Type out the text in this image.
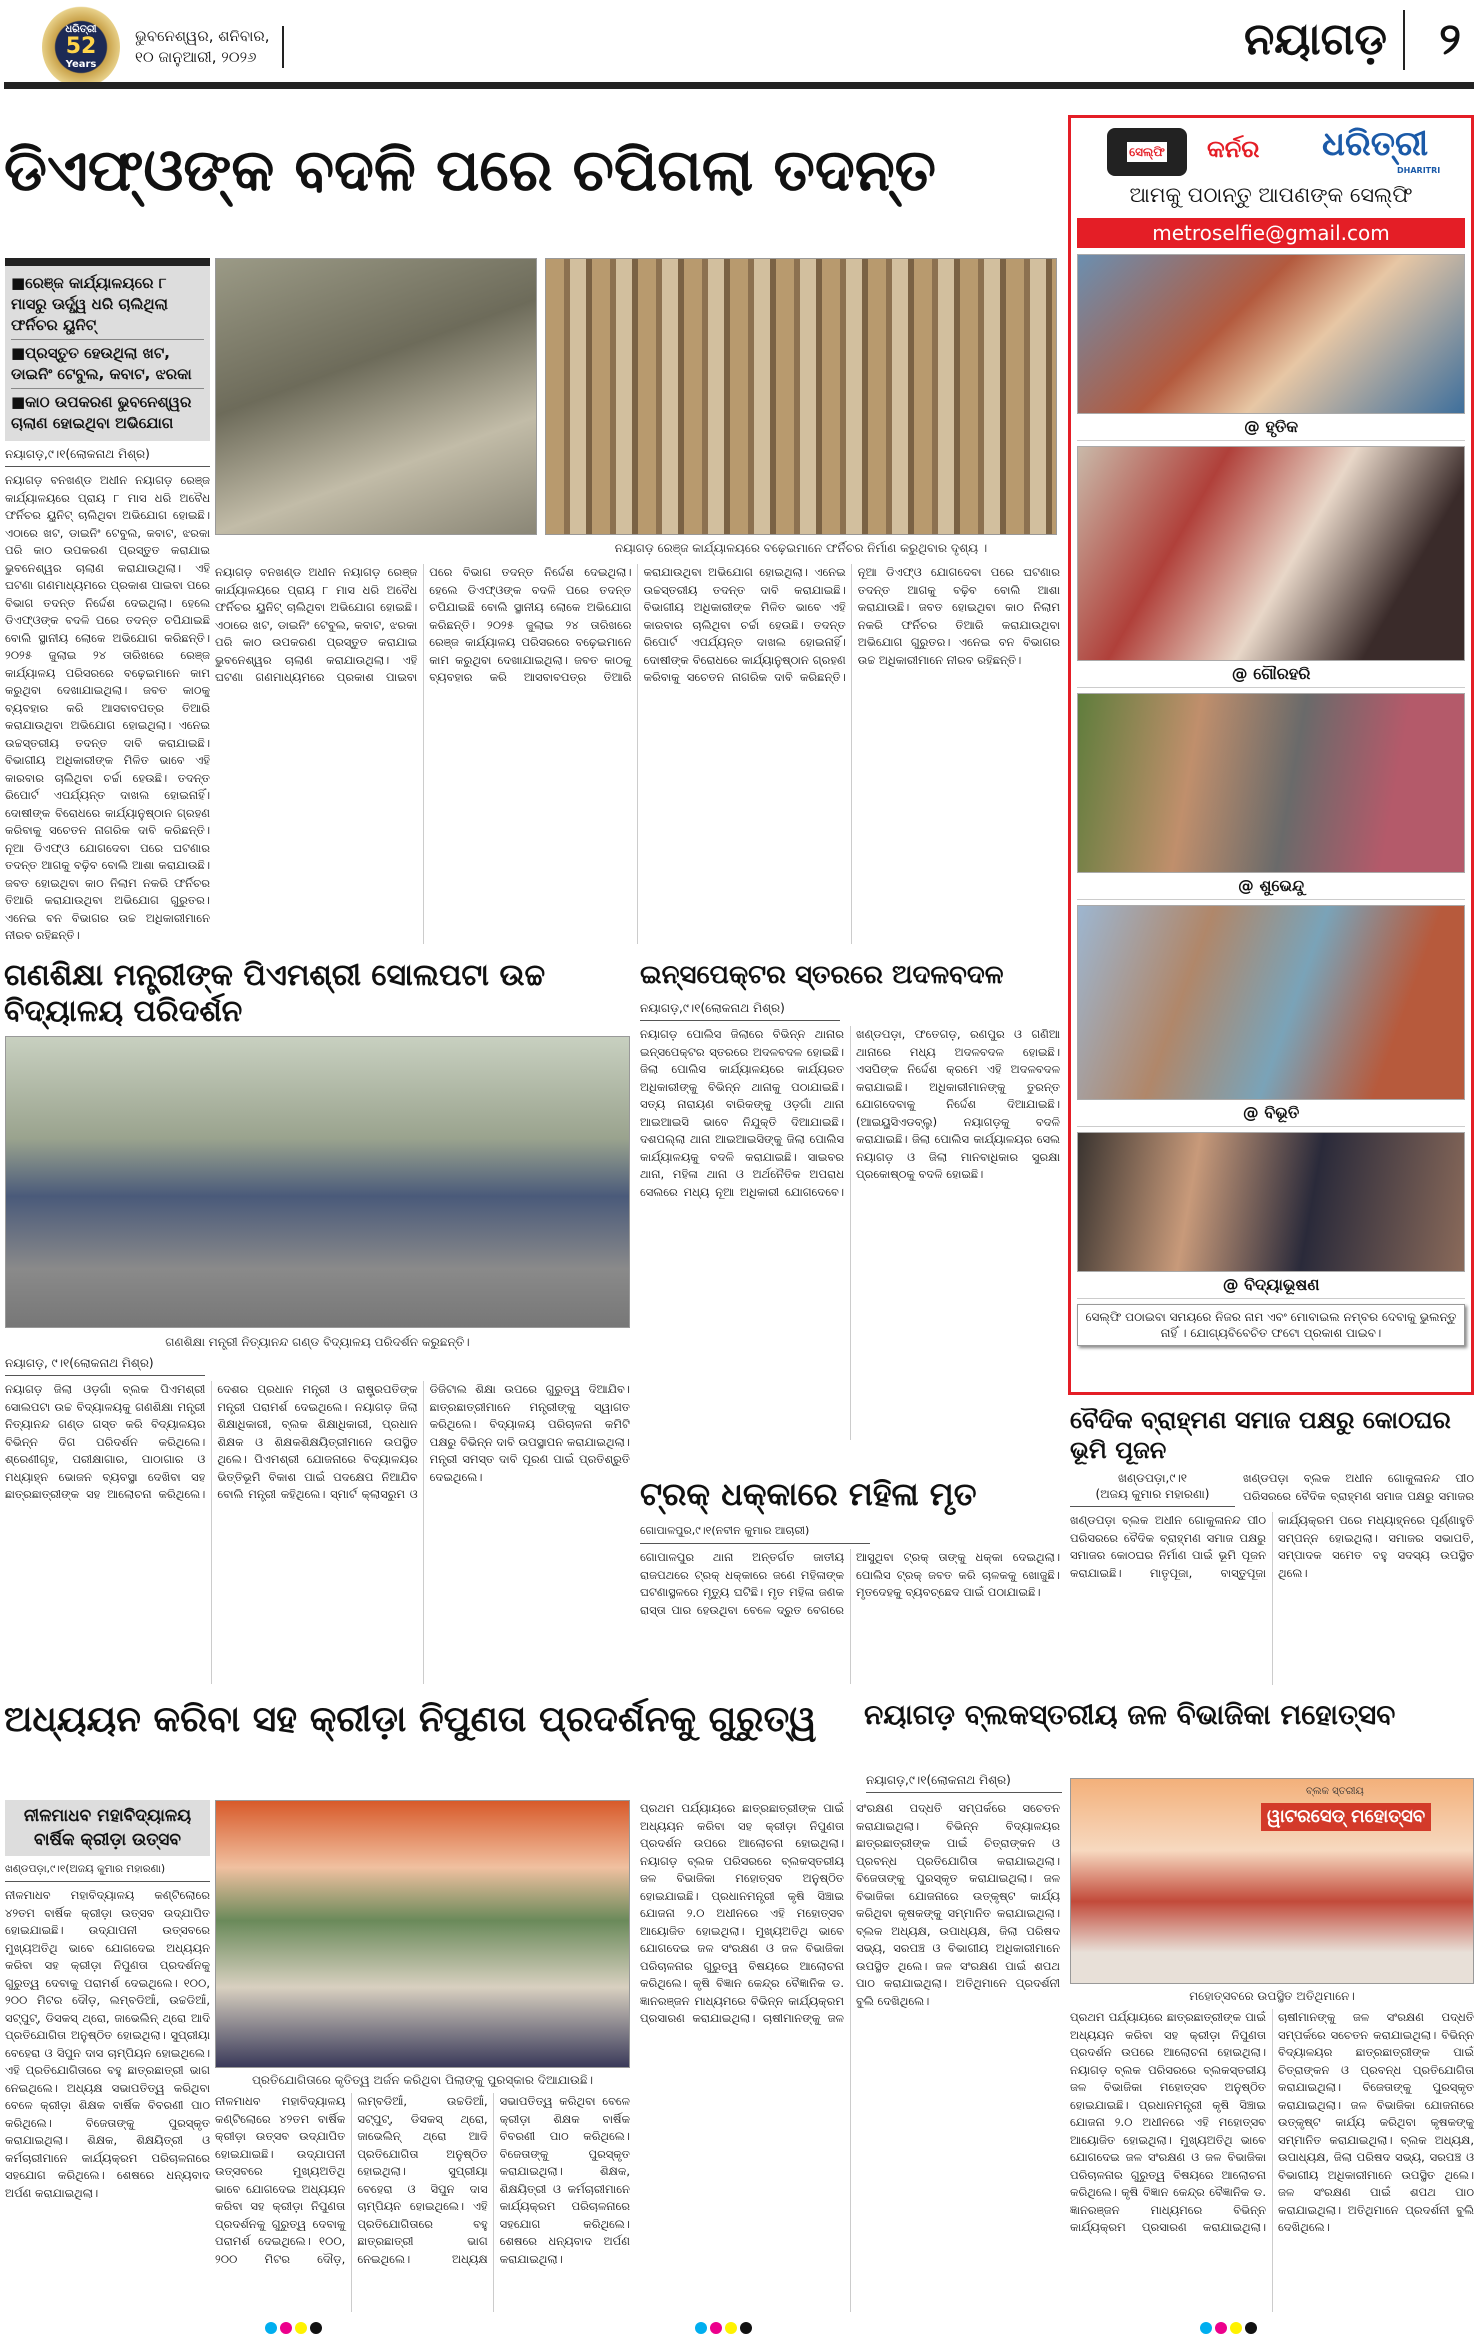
ଧରିତ୍ରୀ
52
Years
ଭୁବନେଶ୍ୱର, ଶନିବାର,
୧୦ ଜାନୁଆରୀ, ୨୦୨୬	ନୟାଗଡ଼	୨
ଡିଏଫ୍‌ଓଙ୍କ ବଦଳି ପରେ ଚପିଗଲା ତଦନ୍ତ
■ରେଞ୍ଜ କାର୍ଯ୍ୟାଳୟରେ ୮ ମାସରୁ ଊର୍ଦ୍ଧ୍ୱ ଧରି ଚାଲିଥିଲା ଫର୍ନିଚର ୟୁନିଟ୍
■ପ୍ରସ୍ତୁତ ହେଉଥିଲା ଖଟ, ଡାଇନିଂ ଟେବୁଲ, କବାଟ, ଝରକା
■କାଠ ଉପକରଣ ଭୁବନେଶ୍ୱର ଚାଲାଣ ହୋଇଥିବା ଅଭିଯୋଗ
ନୟାଗଡ଼,୯।୧(ଲୋକନାଥ ମିଶ୍ର)
ନୟାଗଡ଼ ବନଖଣ୍ଡ ଅଧୀନ ନୟାଗଡ଼ ରେଞ୍ଜ କାର୍ଯ୍ୟାଳୟରେ ପ୍ରାୟ ୮ ମାସ ଧରି ଅବୈଧ ଫର୍ନିଚର ୟୁନିଟ୍ ଚାଲିଥିବା ଅଭିଯୋଗ ହୋଇଛି। ଏଠାରେ ଖଟ, ଡାଇନିଂ ଟେବୁଲ, କବାଟ, ଝରକା ପରି କାଠ ଉପକରଣ ପ୍ରସ୍ତୁତ କରାଯାଇ ଭୁବନେଶ୍ୱର ଚାଲାଣ କରାଯାଉଥିଲା। ଏହି ଘଟଣା ଗଣମାଧ୍ୟମରେ ପ୍ରକାଶ ପାଇବା ପରେ ବିଭାଗ ତଦନ୍ତ ନିର୍ଦ୍ଦେଶ ଦେଇଥିଲା। ହେଲେ ଡିଏଫ୍‌ଓଙ୍କ ବଦଳି ପରେ ତଦନ୍ତ ଚପିଯାଇଛି ବୋଲି ସ୍ଥାନୀୟ ଲୋକେ ଅଭିଯୋଗ କରିଛନ୍ତି। ୨୦୨୫ ଜୁଲାଇ ୨୪ ତାରିଖରେ ରେଞ୍ଜ କାର୍ଯ୍ୟାଳୟ ପରିସରରେ ବଢ଼େଇମାନେ କାମ କରୁଥିବା ଦେଖାଯାଇଥିଲା। ଜବତ କାଠକୁ ବ୍ୟବହାର କରି ଆସବାବପତ୍ର ତିଆରି କରାଯାଉଥିବା ଅଭିଯୋଗ ହୋଇଥିଲା। ଏନେଇ ଉଚ୍ଚସ୍ତରୀୟ ତଦନ୍ତ ଦାବି କରାଯାଇଛି। ବିଭାଗୀୟ ଅଧିକାରୀଙ୍କ ମିଳିତ ଭାବେ ଏହି କାରବାର ଚାଲିଥିବା ଚର୍ଚ୍ଚା ହେଉଛି। ତଦନ୍ତ ରିପୋର୍ଟ ଏପର୍ଯ୍ୟନ୍ତ ଦାଖଲ ହୋଇନାହିଁ। ଦୋଷୀଙ୍କ ବିରୋଧରେ କାର୍ଯ୍ୟାନୁଷ୍ଠାନ ଗ୍ରହଣ କରିବାକୁ ସଚେତନ ନାଗରିକ ଦାବି କରିଛନ୍ତି। ନୂଆ ଡିଏଫ୍‌ଓ ଯୋଗଦେବା ପରେ ଘଟଣାର ତଦନ୍ତ ଆଗକୁ ବଢ଼ିବ ବୋଲି ଆଶା କରାଯାଉଛି। ଜବତ ହୋଇଥିବା କାଠ ନିଲାମ ନକରି ଫର୍ନିଚର ତିଆରି କରାଯାଉଥିବା ଅଭିଯୋଗ ଗୁରୁତର। ଏନେଇ ବନ ବିଭାଗର ଉଚ୍ଚ ଅଧିକାରୀମାନେ ନୀରବ ରହିଛନ୍ତି।
ନୟାଗଡ଼ ରେଞ୍ଜ କାର୍ଯ୍ୟାଳୟରେ ବଢ଼େଇମାନେ ଫର୍ନିଚର ନିର୍ମାଣ କରୁଥିବାର ଦୃଶ୍ୟ ।
ନୟାଗଡ଼ ବନଖଣ୍ଡ ଅଧୀନ ନୟାଗଡ଼ ରେଞ୍ଜ କାର୍ଯ୍ୟାଳୟରେ ପ୍ରାୟ ୮ ମାସ ଧରି ଅବୈଧ ଫର୍ନିଚର ୟୁନିଟ୍ ଚାଲିଥିବା ଅଭିଯୋଗ ହୋଇଛି। ଏଠାରେ ଖଟ, ଡାଇନିଂ ଟେବୁଲ, କବାଟ, ଝରକା ପରି କାଠ ଉପକରଣ ପ୍ରସ୍ତୁତ କରାଯାଇ ଭୁବନେଶ୍ୱର ଚାଲାଣ କରାଯାଉଥିଲା। ଏହି ଘଟଣା ଗଣମାଧ୍ୟମରେ ପ୍ରକାଶ ପାଇବା ପରେ ବିଭାଗ ତଦନ୍ତ ନିର୍ଦ୍ଦେଶ ଦେଇଥିଲା। ହେଲେ ଡିଏଫ୍‌ଓଙ୍କ ବଦଳି ପରେ ତଦନ୍ତ ଚପିଯାଇଛି ବୋଲି ସ୍ଥାନୀୟ ଲୋକେ ଅଭିଯୋଗ କରିଛନ୍ତି। ୨୦୨୫ ଜୁଲାଇ ୨୪ ତାରିଖରେ ରେଞ୍ଜ କାର୍ଯ୍ୟାଳୟ ପରିସରରେ ବଢ଼େଇମାନେ କାମ କରୁଥିବା ଦେଖାଯାଇଥିଲା। ଜବତ କାଠକୁ ବ୍ୟବହାର କରି ଆସବାବପତ୍ର ତିଆରି କରାଯାଉଥିବା ଅଭିଯୋଗ ହୋଇଥିଲା। ଏନେଇ ଉଚ୍ଚସ୍ତରୀୟ ତଦନ୍ତ ଦାବି କରାଯାଇଛି। ବିଭାଗୀୟ ଅଧିକାରୀଙ୍କ ମିଳିତ ଭାବେ ଏହି କାରବାର ଚାଲିଥିବା ଚର୍ଚ୍ଚା ହେଉଛି। ତଦନ୍ତ ରିପୋର୍ଟ ଏପର୍ଯ୍ୟନ୍ତ ଦାଖଲ ହୋଇନାହିଁ। ଦୋଷୀଙ୍କ ବିରୋଧରେ କାର୍ଯ୍ୟାନୁଷ୍ଠାନ ଗ୍ରହଣ କରିବାକୁ ସଚେତନ ନାଗରିକ ଦାବି କରିଛନ୍ତି। ନୂଆ ଡିଏଫ୍‌ଓ ଯୋଗଦେବା ପରେ ଘଟଣାର ତଦନ୍ତ ଆଗକୁ ବଢ଼ିବ ବୋଲି ଆଶା କରାଯାଉଛି। ଜବତ ହୋଇଥିବା କାଠ ନିଲାମ ନକରି ଫର୍ନିଚର ତିଆରି କରାଯାଉଥିବା ଅଭିଯୋଗ ଗୁରୁତର। ଏନେଇ ବନ ବିଭାଗର ଉଚ୍ଚ ଅଧିକାରୀମାନେ ନୀରବ ରହିଛନ୍ତି।
ସେଲ୍‌ଫି କର୍ନର ଧରିତ୍ରୀ
DHARITRI
ଆମକୁ ପଠାନ୍ତୁ ଆପଣଙ୍କ ସେଲ୍‌ଫି
metroselfie@gmail.com
@ ହୃତିକ
@ ଗୌରହରି
@ ଶୁଭେନ୍ଦୁ
@ ବିଭୂତି
@ ବିଦ୍ୟାଭୂଷଣ
ସେଲ୍‌ଫି ପଠାଇବା ସମୟରେ ନିଜର ନାମ ଏବଂ ମୋବାଇଲ ନମ୍ବର ଦେବାକୁ ଭୁଲନ୍ତୁ ନାହିଁ । ଯୋଗ୍ୟବିବେଚିତ ଫଟୋ ପ୍ରକାଶ ପାଇବ।
ଗଣଶିକ୍ଷା ମନ୍ତ୍ରୀଙ୍କ ପିଏମଶ୍ରୀ ସୋଲପଟା ଉଚ୍ଚ ବିଦ୍ୟାଳୟ ପରିଦର୍ଶନ
ଗଣଶିକ୍ଷା ମନ୍ତ୍ରୀ ନିତ୍ୟାନନ୍ଦ ଗଣ୍ଡ ବିଦ୍ୟାଳୟ ପରିଦର୍ଶନ କରୁଛନ୍ତି।
ନୟାଗଡ଼, ୯।୧(ଲୋକନାଥ ମିଶ୍ର)
ନୟାଗଡ଼ ଜିଲା ଓଡ଼ଗାଁ ବ୍ଲକ ପିଏମଶ୍ରୀ ସୋଲପଟା ଉଚ୍ଚ ବିଦ୍ୟାଳୟକୁ ଗଣଶିକ୍ଷା ମନ୍ତ୍ରୀ ନିତ୍ୟାନନ୍ଦ ଗଣ୍ଡ ଗସ୍ତ କରି ବିଦ୍ୟାଳୟର ବିଭିନ୍ନ ଦିଗ ପରିଦର୍ଶନ କରିଥିଲେ। ଶ୍ରେଣୀଗୃହ, ପରୀକ୍ଷାଗାର, ପାଠାଗାର ଓ ମଧ୍ୟାହ୍ନ ଭୋଜନ ବ୍ୟବସ୍ଥା ଦେଖିବା ସହ ଛାତ୍ରଛାତ୍ରୀଙ୍କ ସହ ଆଲୋଚନା କରିଥିଲେ। ଦେଶର ପ୍ରଧାନ ମନ୍ତ୍ରୀ ଓ ରାଷ୍ଟ୍ରପତିଙ୍କ ମନ୍ତ୍ରୀ ପରାମର୍ଶ ଦେଇଥିଲେ। ନୟାଗଡ଼ ଜିଲା ଶିକ୍ଷାଧିକାରୀ, ବ୍ଲକ ଶିକ୍ଷାଧିକାରୀ, ପ୍ରଧାନ ଶିକ୍ଷକ ଓ ଶିକ୍ଷକଶିକ୍ଷୟିତ୍ରୀମାନେ ଉପସ୍ଥିତ ଥିଲେ। ପିଏମଶ୍ରୀ ଯୋଜନାରେ ବିଦ୍ୟାଳୟର ଭିତ୍ତିଭୂମି ବିକାଶ ପାଇଁ ପଦକ୍ଷେପ ନିଆଯିବ ବୋଲି ମନ୍ତ୍ରୀ କହିଥିଲେ। ସ୍ମାର୍ଟ କ୍ଲାସରୁମ ଓ ଡିଜିଟାଲ ଶିକ୍ଷା ଉପରେ ଗୁରୁତ୍ୱ ଦିଆଯିବ। ଛାତ୍ରଛାତ୍ରୀମାନେ ମନ୍ତ୍ରୀଙ୍କୁ ସ୍ୱାଗତ କରିଥିଲେ। ବିଦ୍ୟାଳୟ ପରିଚାଳନା କମିଟି ପକ୍ଷରୁ ବିଭିନ୍ନ ଦାବି ଉପସ୍ଥାପନ କରାଯାଇଥିଲା। ମନ୍ତ୍ରୀ ସମସ୍ତ ଦାବି ପୂରଣ ପାଇଁ ପ୍ରତିଶ୍ରୁତି ଦେଇଥିଲେ।
ଇନ୍ସପେକ୍ଟର ସ୍ତରରେ ଅଦଳବଦଳ
ନୟାଗଡ଼,୯।୧(ଲୋକନାଥ ମିଶ୍ର)
ନୟାଗଡ଼ ପୋଲିସ ଜିଲାରେ ବିଭିନ୍ନ ଥାନାର ଇନ୍ସପେକ୍ଟର ସ୍ତରରେ ଅଦଳବଦଳ ହୋଇଛି। ଜିଲା ପୋଲିସ କାର୍ଯ୍ୟାଳୟରେ କାର୍ଯ୍ୟରତ ଅଧିକାରୀଙ୍କୁ ବିଭିନ୍ନ ଥାନାକୁ ପଠାଯାଇଛି। ସତ୍ୟ ନାରାୟଣ ବାରିକଙ୍କୁ ଓଡ଼ଗାଁ ଥାନା ଆଇଆଇସି ଭାବେ ନିଯୁକ୍ତି ଦିଆଯାଇଛି। ଦଶପଲ୍ଲା ଥାନା ଆଇଆଇସିଙ୍କୁ ଜିଲା ପୋଲିସ କାର୍ଯ୍ୟାଳୟକୁ ବଦଳି କରାଯାଇଛି। ସାଇବର ଥାନା, ମହିଳା ଥାନା ଓ ଅର୍ଥନୈତିକ ଅପରାଧ ସେଲରେ ମଧ୍ୟ ନୂଆ ଅଧିକାରୀ ଯୋଗଦେବେ। ଖଣ୍ଡପଡ଼ା, ଫତେଗଡ଼, ରଣପୁର ଓ ଗଣିଆ ଥାନାରେ ମଧ୍ୟ ଅଦଳବଦଳ ହୋଇଛି। ଏସପିଙ୍କ ନିର୍ଦ୍ଦେଶ କ୍ରମେ ଏହି ଅଦଳବଦଳ କରାଯାଇଛି। ଅଧିକାରୀମାନଙ୍କୁ ତୁରନ୍ତ ଯୋଗଦେବାକୁ ନିର୍ଦ୍ଦେଶ ଦିଆଯାଇଛି। (ଆଇୟୁସିଏଡବ୍ଲୁ) ନୟାଗଡ଼କୁ ବଦଳି କରାଯାଇଛି। ଜିଲା ପୋଲିସ କାର୍ଯ୍ୟାଳୟର ସେଲ ନୟାଗଡ଼ ଓ ଜିଲା ମାନବାଧିକାର ସୁରକ୍ଷା ପ୍ରକୋଷ୍ଠକୁ ବଦଳି ହୋଇଛି।
ଟ୍ରକ୍ ଧକ୍କାରେ ମହିଳା ମୃତ
ଗୋପାଳପୁର,୯।୧(ନବୀନ କୁମାର ଆଚାରୀ)
ଗୋପାଳପୁର ଥାନା ଅନ୍ତର୍ଗତ ଜାତୀୟ ରାଜପଥରେ ଟ୍ରକ୍ ଧକ୍କାରେ ଜଣେ ମହିଳାଙ୍କ ଘଟଣାସ୍ଥଳରେ ମୃତ୍ୟୁ ଘଟିଛି। ମୃତ ମହିଳା ଜଣକ ରାସ୍ତା ପାର ହେଉଥିବା ବେଳେ ଦ୍ରୁତ ବେଗରେ ଆସୁଥିବା ଟ୍ରକ୍ ତାଙ୍କୁ ଧକ୍କା ଦେଇଥିଲା। ପୋଲିସ ଟ୍ରକ୍ ଜବତ କରି ଚାଳକକୁ ଖୋଜୁଛି। ମୃତଦେହକୁ ବ୍ୟବଚ୍ଛେଦ ପାଇଁ ପଠାଯାଇଛି।
ବୈଦିକ ବ୍ରାହ୍ମଣ ସମାଜ ପକ୍ଷରୁ କୋଠଘର ଭୂମି ପୂଜନ
ଖଣ୍ଡପଡ଼ା,୯।୧
(ଅଜୟ କୁମାର ମହାରଣା)
ଖଣ୍ଡପଡ଼ା ବ୍ଲକ ଅଧୀନ ଗୋକୁଳାନନ୍ଦ ପୀଠ ପରିସରରେ ବୈଦିକ ବ୍ରାହ୍ମଣ ସମାଜ ପକ୍ଷରୁ ସମାଜର
ଖଣ୍ଡପଡ଼ା ବ୍ଲକ ଅଧୀନ ଗୋକୁଳାନନ୍ଦ ପୀଠ ପରିସରରେ ବୈଦିକ ବ୍ରାହ୍ମଣ ସମାଜ ପକ୍ଷରୁ ସମାଜର କୋଠଘର ନିର୍ମାଣ ପାଇଁ ଭୂମି ପୂଜନ କରାଯାଇଛି। ମାତୃପୂଜା, ବାସ୍ତୁପୂଜା କାର୍ଯ୍ୟକ୍ରମ ପରେ ମଧ୍ୟାହ୍ନରେ ପୂର୍ଣ୍ଣାହୁତି ସମ୍ପନ୍ନ ହୋଇଥିଲା। ସମାଜର ସଭାପତି, ସମ୍ପାଦକ ସମେତ ବହୁ ସଦସ୍ୟ ଉପସ୍ଥିତ ଥିଲେ।
ଅଧ୍ୟୟନ କରିବା ସହ କ୍ରୀଡ଼ା ନିପୁଣତା ପ୍ରଦର୍ଶନକୁ ଗୁରୁତ୍ୱ
ନୀଳମାଧବ ମହାବିଦ୍ୟାଳୟ ବାର୍ଷିକ କ୍ରୀଡ଼ା ଉତ୍ସବ
ଖଣ୍ଡପଡ଼ା,୯।୧(ଅଜୟ କୁମାର ମହାରଣା)
ନୀଳମାଧବ ମହାବିଦ୍ୟାଳୟ କଣ୍ଟିଲୋରେ ୪୨ତମ ବାର୍ଷିକ କ୍ରୀଡ଼ା ଉତ୍ସବ ଉଦ୍‌ଯାପିତ ହୋଇଯାଇଛି। ଉଦ୍‌ଯାପନୀ ଉତ୍ସବରେ ମୁଖ୍ୟଅତିଥି ଭାବେ ଯୋଗଦେଇ ଅଧ୍ୟୟନ କରିବା ସହ କ୍ରୀଡ଼ା ନିପୁଣତା ପ୍ରଦର୍ଶନକୁ ଗୁରୁତ୍ୱ ଦେବାକୁ ପରାମର୍ଶ ଦେଇଥିଲେ। ୧୦୦, ୨୦୦ ମିଟର ଦୌଡ଼, ଲମ୍ବଡିଆଁ, ଉଚ୍ଚଡିଆଁ, ସଟ୍‌ପୁଟ୍, ଡିସକସ୍ ଥ୍ରୋ, ଜାଭେଲିନ୍ ଥ୍ରୋ ଆଦି ପ୍ରତିଯୋଗିତା ଅନୁଷ୍ଠିତ ହୋଇଥିଲା। ସୁପ୍ରୀୟା ବେହେରା ଓ ସିପୁନ ଦାସ ଚାମ୍ପିୟନ ହୋଇଥିଲେ। ଏହି ପ୍ରତିଯୋଗିତାରେ ବହୁ ଛାତ୍ରଛାତ୍ରୀ ଭାଗ ନେଇଥିଲେ। ଅଧ୍ୟକ୍ଷ ସଭାପତିତ୍ୱ କରିଥିବା ବେଳେ କ୍ରୀଡ଼ା ଶିକ୍ଷକ ବାର୍ଷିକ ବିବରଣୀ ପାଠ କରିଥିଲେ। ବିଜେତାଙ୍କୁ ପୁରସ୍କୃତ କରାଯାଇଥିଲା। ଶିକ୍ଷକ, ଶିକ୍ଷୟିତ୍ରୀ ଓ କର୍ମଚାରୀମାନେ କାର୍ଯ୍ୟକ୍ରମ ପରିଚାଳନାରେ ସହଯୋଗ କରିଥିଲେ। ଶେଷରେ ଧନ୍ୟବାଦ ଅର୍ପଣ କରାଯାଇଥିଲା।
ପ୍ରତିଯୋଗିତାରେ କୃତିତ୍ୱ ଅର୍ଜନ କରିଥିବା ପିଲାଙ୍କୁ ପୁରସ୍କାର ଦିଆଯାଉଛି।
ନୀଳମାଧବ ମହାବିଦ୍ୟାଳୟ କଣ୍ଟିଲୋରେ ୪୨ତମ ବାର୍ଷିକ କ୍ରୀଡ଼ା ଉତ୍ସବ ଉଦ୍‌ଯାପିତ ହୋଇଯାଇଛି। ଉଦ୍‌ଯାପନୀ ଉତ୍ସବରେ ମୁଖ୍ୟଅତିଥି ଭାବେ ଯୋଗଦେଇ ଅଧ୍ୟୟନ କରିବା ସହ କ୍ରୀଡ଼ା ନିପୁଣତା ପ୍ରଦର୍ଶନକୁ ଗୁରୁତ୍ୱ ଦେବାକୁ ପରାମର୍ଶ ଦେଇଥିଲେ। ୧୦୦, ୨୦୦ ମିଟର ଦୌଡ଼, ଲମ୍ବଡିଆଁ, ଉଚ୍ଚଡିଆଁ, ସଟ୍‌ପୁଟ୍, ଡିସକସ୍ ଥ୍ରୋ, ଜାଭେଲିନ୍ ଥ୍ରୋ ଆଦି ପ୍ରତିଯୋଗିତା ଅନୁଷ୍ଠିତ ହୋଇଥିଲା। ସୁପ୍ରୀୟା ବେହେରା ଓ ସିପୁନ ଦାସ ଚାମ୍ପିୟନ ହୋଇଥିଲେ। ଏହି ପ୍ରତିଯୋଗିତାରେ ବହୁ ଛାତ୍ରଛାତ୍ରୀ ଭାଗ ନେଇଥିଲେ। ଅଧ୍ୟକ୍ଷ ସଭାପତିତ୍ୱ କରିଥିବା ବେଳେ କ୍ରୀଡ଼ା ଶିକ୍ଷକ ବାର୍ଷିକ ବିବରଣୀ ପାଠ କରିଥିଲେ। ବିଜେତାଙ୍କୁ ପୁରସ୍କୃତ କରାଯାଇଥିଲା। ଶିକ୍ଷକ, ଶିକ୍ଷୟିତ୍ରୀ ଓ କର୍ମଚାରୀମାନେ କାର୍ଯ୍ୟକ୍ରମ ପରିଚାଳନାରେ ସହଯୋଗ କରିଥିଲେ। ଶେଷରେ ଧନ୍ୟବାଦ ଅର୍ପଣ କରାଯାଇଥିଲା।
ପ୍ରଥମ ପର୍ଯ୍ୟାୟରେ ଛାତ୍ରଛାତ୍ରୀଙ୍କ ପାଇଁ ଅଧ୍ୟୟନ କରିବା ସହ କ୍ରୀଡ଼ା ନିପୁଣତା ପ୍ରଦର୍ଶନ ଉପରେ ଆଲୋଚନା ହୋଇଥିଲା। ନୟାଗଡ଼ ବ୍ଲକ ପରିସରରେ ବ୍ଲକସ୍ତରୀୟ ଜଳ ବିଭାଜିକା ମହୋତ୍ସବ ଅନୁଷ୍ଠିତ ହୋଇଯାଇଛି। ପ୍ରଧାନମନ୍ତ୍ରୀ କୃଷି ସିଞ୍ଚାଇ ଯୋଜନା ୨.୦ ଅଧୀନରେ ଏହି ମହୋତ୍ସବ ଆୟୋଜିତ ହୋଇଥିଲା। ମୁଖ୍ୟଅତିଥି ଭାବେ ଯୋଗଦେଇ ଜଳ ସଂରକ୍ଷଣ ଓ ଜଳ ବିଭାଜିକା ପରିଚାଳନାର ଗୁରୁତ୍ୱ ବିଷୟରେ ଆଲୋଚନା କରିଥିଲେ। କୃଷି ବିଜ୍ଞାନ କେନ୍ଦ୍ର ବୈଜ୍ଞାନିକ ଡ. ଜ୍ଞାନରଞ୍ଜନ ମାଧ୍ୟମରେ ବିଭିନ୍ନ କାର୍ଯ୍ୟକ୍ରମ ପ୍ରସାରଣ କରାଯାଇଥିଲା। ଚାଷୀମାନଙ୍କୁ ଜଳ ସଂରକ୍ଷଣ ପଦ୍ଧତି ସମ୍ପର୍କରେ ସଚେତନ କରାଯାଇଥିଲା। ବିଭିନ୍ନ ବିଦ୍ୟାଳୟର ଛାତ୍ରଛାତ୍ରୀଙ୍କ ପାଇଁ ଚିତ୍ରାଙ୍କନ ଓ ପ୍ରବନ୍ଧ ପ୍ରତିଯୋଗିତା କରାଯାଇଥିଲା। ବିଜେତାଙ୍କୁ ପୁରସ୍କୃତ କରାଯାଇଥିଲା। ଜଳ ବିଭାଜିକା ଯୋଜନାରେ ଉତ୍କୃଷ୍ଟ କାର୍ଯ୍ୟ କରିଥିବା କୃଷକଙ୍କୁ ସମ୍ମାନିତ କରାଯାଇଥିଲା। ବ୍ଲକ ଅଧ୍ୟକ୍ଷ, ଉପାଧ୍ୟକ୍ଷ, ଜିଲା ପରିଷଦ ସଭ୍ୟ, ସରପଞ୍ଚ ଓ ବିଭାଗୀୟ ଅଧିକାରୀମାନେ ଉପସ୍ଥିତ ଥିଲେ। ଜଳ ସଂରକ୍ଷଣ ପାଇଁ ଶପଥ ପାଠ କରାଯାଇଥିଲା। ଅତିଥିମାନେ ପ୍ରଦର୍ଶନୀ ବୁଲି ଦେଖିଥିଲେ।
ନୟାଗଡ଼ ବ୍ଲକସ୍ତରୀୟ ଜଳ ବିଭାଜିକା ମହୋତ୍ସବ
ବ୍ଲକ ସ୍ତରୀୟ
ୱାଟରସେଡ୍ ମହୋତ୍ସବ
ନୟାଗଡ଼,୯।୧(ଲୋକନାଥ ମିଶ୍ର)
ମହୋତ୍ସବରେ ଉପସ୍ଥିତ ଅତିଥିମାନେ।
ପ୍ରଥମ ପର୍ଯ୍ୟାୟରେ ଛାତ୍ରଛାତ୍ରୀଙ୍କ ପାଇଁ ଅଧ୍ୟୟନ କରିବା ସହ କ୍ରୀଡ଼ା ନିପୁଣତା ପ୍ରଦର୍ଶନ ଉପରେ ଆଲୋଚନା ହୋଇଥିଲା। ନୟାଗଡ଼ ବ୍ଲକ ପରିସରରେ ବ୍ଲକସ୍ତରୀୟ ଜଳ ବିଭାଜିକା ମହୋତ୍ସବ ଅନୁଷ୍ଠିତ ହୋଇଯାଇଛି। ପ୍ରଧାନମନ୍ତ୍ରୀ କୃଷି ସିଞ୍ଚାଇ ଯୋଜନା ୨.୦ ଅଧୀନରେ ଏହି ମହୋତ୍ସବ ଆୟୋଜିତ ହୋଇଥିଲା। ମୁଖ୍ୟଅତିଥି ଭାବେ ଯୋଗଦେଇ ଜଳ ସଂରକ୍ଷଣ ଓ ଜଳ ବିଭାଜିକା ପରିଚାଳନାର ଗୁରୁତ୍ୱ ବିଷୟରେ ଆଲୋଚନା କରିଥିଲେ। କୃଷି ବିଜ୍ଞାନ କେନ୍ଦ୍ର ବୈଜ୍ଞାନିକ ଡ. ଜ୍ଞାନରଞ୍ଜନ ମାଧ୍ୟମରେ ବିଭିନ୍ନ କାର୍ଯ୍ୟକ୍ରମ ପ୍ରସାରଣ କରାଯାଇଥିଲା। ଚାଷୀମାନଙ୍କୁ ଜଳ ସଂରକ୍ଷଣ ପଦ୍ଧତି ସମ୍ପର୍କରେ ସଚେତନ କରାଯାଇଥିଲା। ବିଭିନ୍ନ ବିଦ୍ୟାଳୟର ଛାତ୍ରଛାତ୍ରୀଙ୍କ ପାଇଁ ଚିତ୍ରାଙ୍କନ ଓ ପ୍ରବନ୍ଧ ପ୍ରତିଯୋଗିତା କରାଯାଇଥିଲା। ବିଜେତାଙ୍କୁ ପୁରସ୍କୃତ କରାଯାଇଥିଲା। ଜଳ ବିଭାଜିକା ଯୋଜନାରେ ଉତ୍କୃଷ୍ଟ କାର୍ଯ୍ୟ କରିଥିବା କୃଷକଙ୍କୁ ସମ୍ମାନିତ କରାଯାଇଥିଲା। ବ୍ଲକ ଅଧ୍ୟକ୍ଷ, ଉପାଧ୍ୟକ୍ଷ, ଜିଲା ପରିଷଦ ସଭ୍ୟ, ସରପଞ୍ଚ ଓ ବିଭାଗୀୟ ଅଧିକାରୀମାନେ ଉପସ୍ଥିତ ଥିଲେ। ଜଳ ସଂରକ୍ଷଣ ପାଇଁ ଶପଥ ପାଠ କରାଯାଇଥିଲା। ଅତିଥିମାନେ ପ୍ରଦର୍ଶନୀ ବୁଲି ଦେଖିଥିଲେ।
